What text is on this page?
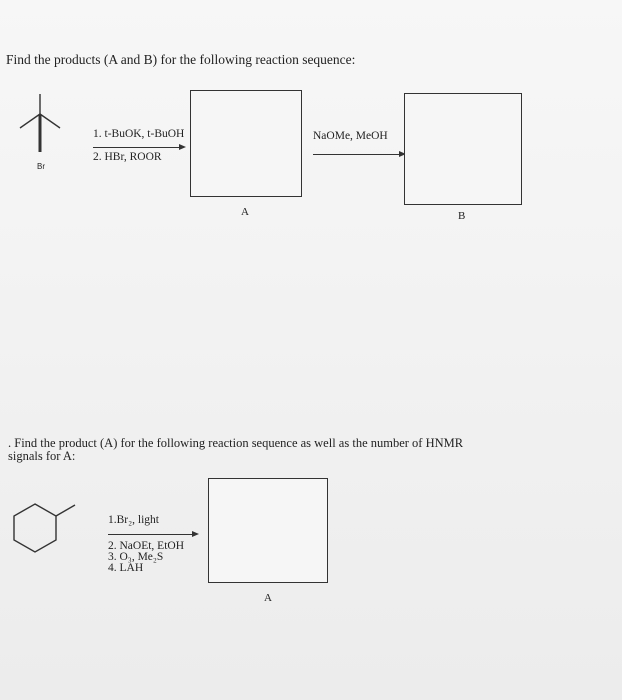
Find the products (A and B) for the following reaction sequence:
Br
1. t-BuOK, t-BuOH
2. HBr, ROOR
A
NaOMe, MeOH
B
. Find the product (A) for the following reaction sequence as well as the number of HNMR
signals for A:
1.Br₂, light
2. NaOEt, EtOH
3. O₃, Me₂S
4. LAH
A
